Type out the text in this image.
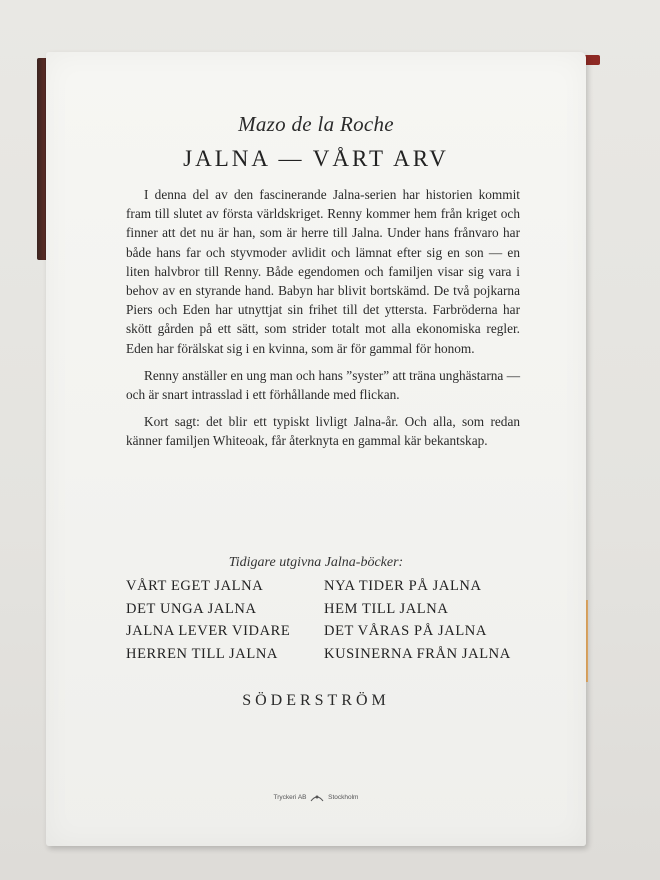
Mazo de la Roche
JALNA — VÅRT ARV

I denna del av den fascinerande Jalna-serien har historien kommit fram till slutet av första världskriget. Renny kommer hem från kriget och finner att det nu är han, som är herre till Jalna. Under hans frånvaro har både hans far och styvmoder avlidit och lämnat efter sig en son — en liten halvbror till Renny. Både egendomen och familjen visar sig vara i behov av en styrande hand. Babyn har blivit bortskämd. De två pojkarna Piers och Eden har utnyttjat sin frihet till det yttersta. Farbröderna har skött gården på ett sätt, som strider totalt mot alla ekonomiska regler. Eden har förälskat sig i en kvinna, som är för gammal för honom.

Renny anställer en ung man och hans ”syster” att träna unghästarna — och är snart intrasslad i ett förhållande med flickan.

Kort sagt: det blir ett typiskt livligt Jalna-år. Och alla, som redan känner familjen Whiteoak, får återknyta en gammal kär bekantskap.

Tidigare utgivna Jalna-böcker:
VÅRT EGET JALNA	NYA TIDER PÅ JALNA
DET UNGA JALNA	HEM TILL JALNA
JALNA LEVER VIDARE	DET VÅRAS PÅ JALNA
HERREN TILL JALNA	KUSINERNA FRÅN JALNA
SÖDERSTRÖM
Tryckeri AB	Stockholm
